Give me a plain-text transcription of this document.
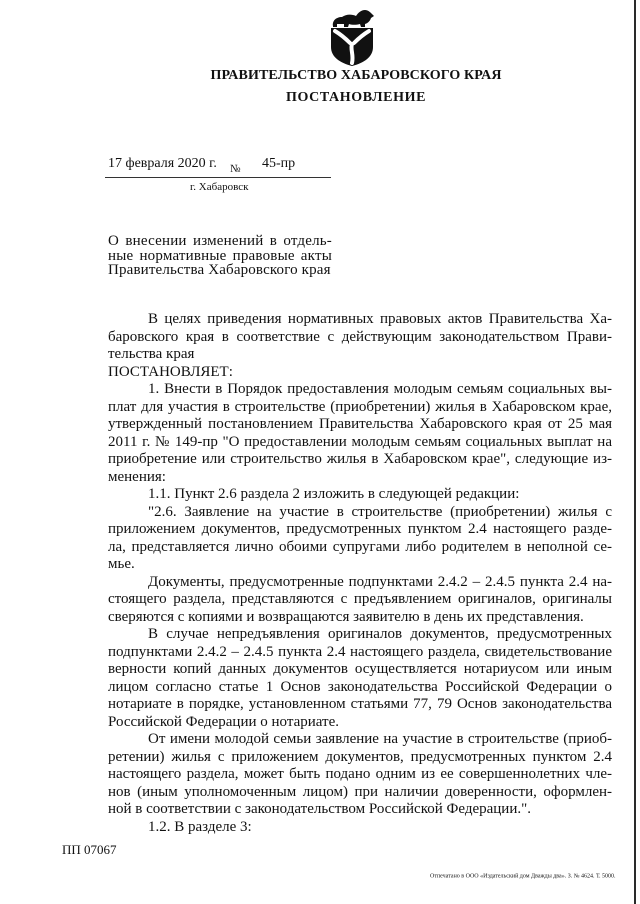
ПРАВИТЕЛЬСТВО ХАБАРОВСКОГО КРАЯ
ПОСТАНОВЛЕНИЕ
17 февраля 2020 г. № 45-пр
г. Хабаровск
О внесении изменений в отдель-
ные нормативные правовые акты
Правительства Хабаровского края
В целях приведения нормативных правовых актов Правительства Ха-
баровского края в соответствие с действующим законодательством Прави-
тельства края
ПОСТАНОВЛЯЕТ:
1. Внести в Порядок предоставления молодым семьям социальных вы-
плат для участия в строительстве (приобретении) жилья в Хабаровском крае,
утвержденный постановлением Правительства Хабаровского края от 25 мая
2011 г. № 149-пр "О предоставлении молодым семьям социальных выплат на
приобретение или строительство жилья в Хабаровском крае", следующие из-
менения:
1.1. Пункт 2.6 раздела 2 изложить в следующей редакции:
"2.6. Заявление на участие в строительстве (приобретении) жилья с
приложением документов, предусмотренных пунктом 2.4 настоящего разде-
ла, представляется лично обоими супругами либо родителем в неполной се-
мье.
Документы, предусмотренные подпунктами 2.4.2 – 2.4.5 пункта 2.4 на-
стоящего раздела, представляются с предъявлением оригиналов, оригиналы
сверяются с копиями и возвращаются заявителю в день их представления.
В случае непредъявления оригиналов документов, предусмотренных
подпунктами 2.4.2 – 2.4.5 пункта 2.4 настоящего раздела, свидетельствование
верности копий данных документов осуществляется нотариусом или иным
лицом согласно статье 1 Основ законодательства Российской Федерации о
нотариате в порядке, установленном статьями 77, 79 Основ законодательства
Российской Федерации о нотариате.
От имени молодой семьи заявление на участие в строительстве (приоб-
ретении) жилья с приложением документов, предусмотренных пунктом 2.4
настоящего раздела, может быть подано одним из ее совершеннолетних чле-
нов (иным уполномоченным лицом) при наличии доверенности, оформлен-
ной в соответствии с законодательством Российской Федерации.".
1.2. В разделе 3:
ПП 07067
Отпечатано в ООО «Издательский дом Дважды два». З. № 4624. Т. 5000.
